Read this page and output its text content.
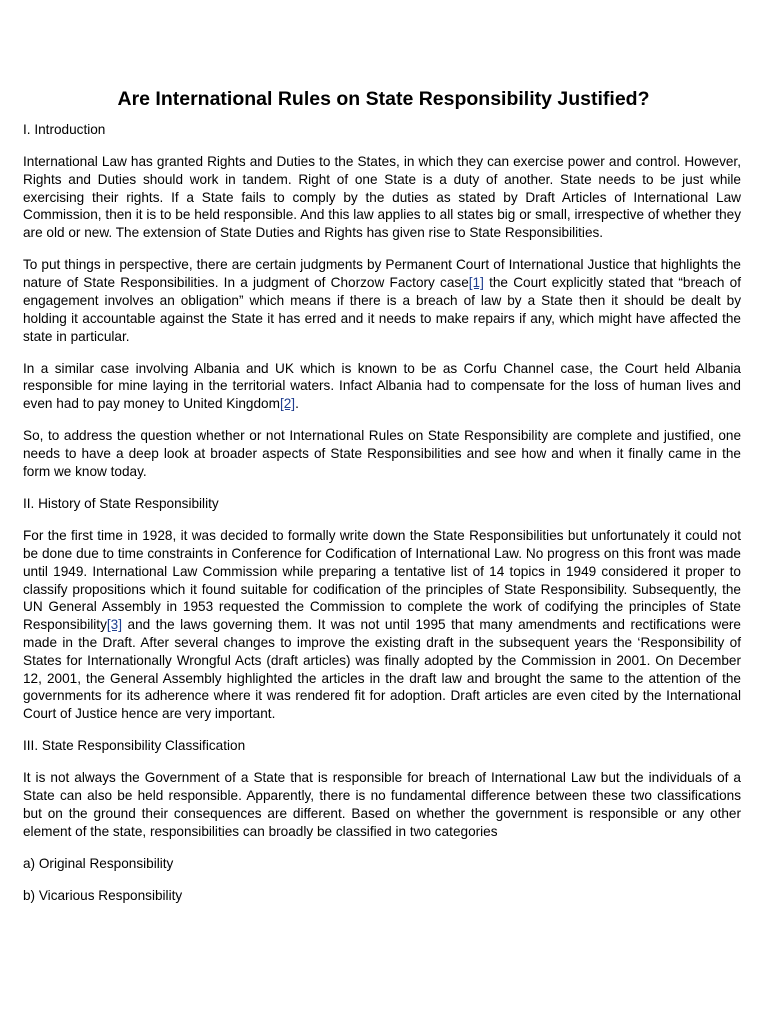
Are International Rules on State Responsibility Justified?

I. Introduction

International Law has granted Rights and Duties to the States, in which they can exercise power and control. However, Rights and Duties should work in tandem. Right of one State is a duty of another. State needs to be just while exercising their rights. If a State fails to comply by the duties as stated by Draft Articles of International Law Commission, then it is to be held responsible. And this law applies to all states big or small, irrespective of whether they are old or new. The extension of State Duties and Rights has given rise to State Responsibilities.

To put things in perspective, there are certain judgments by Permanent Court of International Justice that highlights the nature of State Responsibilities. In a judgment of Chorzow Factory case[1] the Court explicitly stated that “breach of engagement involves an obligation” which means if there is a breach of law by a State then it should be dealt by holding it accountable against the State it has erred and it needs to make repairs if any, which might have affected the state in particular.

In a similar case involving Albania and UK which is known to be as Corfu Channel case, the Court held Albania responsible for mine laying in the territorial waters. Infact Albania had to compensate for the loss of human lives and even had to pay money to United Kingdom[2].

So, to address the question whether or not International Rules on State Responsibility are complete and justified, one needs to have a deep look at broader aspects of State Responsibilities and see how and when it finally came in the form we know today.

II. History of State Responsibility

For the first time in 1928, it was decided to formally write down the State Responsibilities but unfortunately it could not be done due to time constraints in Conference for Codification of International Law. No progress on this front was made until 1949. International Law Commission while preparing a tentative list of 14 topics in 1949 considered it proper to classify propositions which it found suitable for codification of the principles of State Responsibility. Subsequently, the UN General Assembly in 1953 requested the Commission to complete the work of codifying the principles of State Responsibility[3] and the laws governing them. It was not until 1995 that many amendments and rectifications were made in the Draft. After several changes to improve the existing draft in the subsequent years the ‘Responsibility of States for Internationally Wrongful Acts (draft articles) was finally adopted by the Commission in 2001. On December 12, 2001, the General Assembly highlighted the articles in the draft law and brought the same to the attention of the governments for its adherence where it was rendered fit for adoption. Draft articles are even cited by the International Court of Justice hence are very important.

III. State Responsibility Classification

It is not always the Government of a State that is responsible for breach of International Law but the individuals of a State can also be held responsible. Apparently, there is no fundamental difference between these two classifications but on the ground their consequences are different. Based on whether the government is responsible or any other element of the state, responsibilities can broadly be classified in two categories

a) Original Responsibility

b) Vicarious Responsibility
